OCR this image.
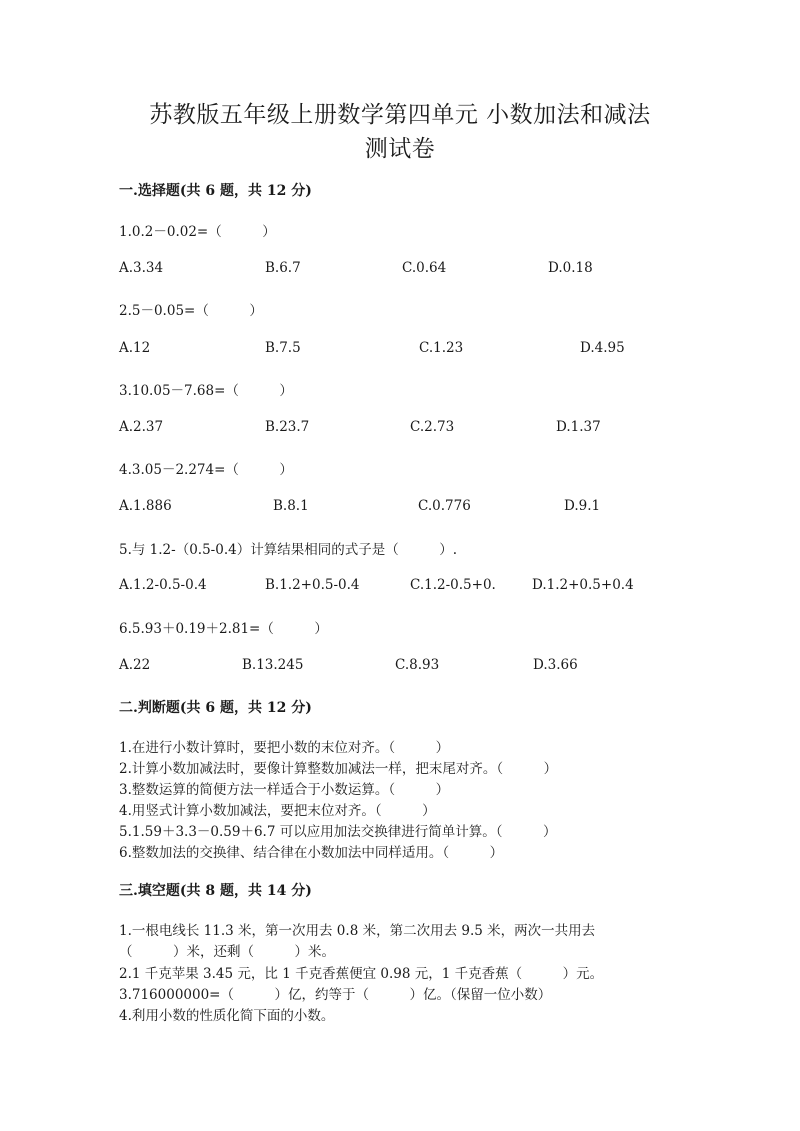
苏教版五年级上册数学第四单元 小数加法和减法
测试卷
一.选择题(共 6 题，共 12 分)
1.0.2－0.02=（　　　）
A.3.34	B.6.7	C.0.64	D.0.18
2.5－0.05=（　　　）
A.12	B.7.5	C.1.23	D.4.95
3.10.05－7.68=（　　　）
A.2.37	B.23.7	C.2.73	D.1.37
4.3.05－2.274=（　　　）
A.1.886	B.8.1	C.0.776	D.9.1
5.与 1.2-（0.5-0.4）计算结果相同的式子是（　　　）.
A.1.2-0.5-0.4	B.1.2+0.5-0.4	C.1.2-0.5+0.	D.1.2+0.5+0.4
6.5.93＋0.19＋2.81=（　　　）
A.22	B.13.245	C.8.93	D.3.66
二.判断题(共 6 题，共 12 分)
1.在进行小数计算时，要把小数的末位对齐。（　　　）
2.计算小数加减法时，要像计算整数加减法一样，把末尾对齐。（　　　）
3.整数运算的简便方法一样适合于小数运算。（　　　）
4.用竖式计算小数加减法，要把末位对齐。（　　　）
5.1.59＋3.3－0.59＋6.7 可以应用加法交换律进行简单计算。（　　　）
6.整数加法的交换律、结合律在小数加法中同样适用。（　　　）
三.填空题(共 8 题，共 14 分)
1.一根电线长 11.3 米，第一次用去 0.8 米，第二次用去 9.5 米，两次一共用去
（　　　）米，还剩（　　　）米。
2.1 千克苹果 3.45 元，比 1 千克香蕉便宜 0.98 元，1 千克香蕉（　　　）元。
3.716000000=（　　　）亿，约等于（　　　）亿。（保留一位小数）
4.利用小数的性质化简下面的小数。
